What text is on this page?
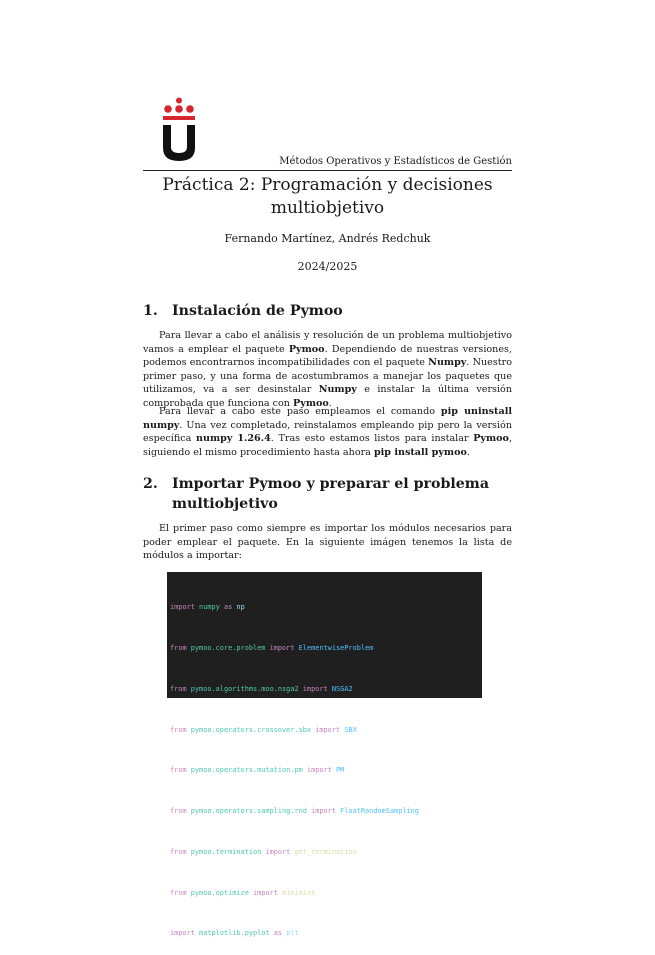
Métodos Operativos y Estadísticos de Gestión
Práctica 2: Programación y decisiones multiobjetivo
Fernando Martínez, Andrés Redchuk
2024/2025
1. Instalación de Pymoo

Para llevar a cabo el análisis y resolución de un problema multiobjetivo vamos a emplear el paquete Pymoo. Dependiendo de nuestras versiones, podemos encontrarnos incompatibilidades con el paquete Numpy. Nuestro primer paso, y una forma de acostumbramos a manejar los paquetes que utilizamos, va a ser desinstalar Numpy e instalar la última versión comprobada que funciona con Pymoo.

Para llevar a cabo este paso empleamos el comando pip uninstall numpy. Una vez completado, reinstalamos empleando pip pero la versión específica numpy 1.26.4. Tras esto estamos listos para instalar Pymoo, siguiendo el mismo procedimiento hasta ahora pip install pymoo.

2. Importar Pymoo y preparar el problema multiobjetivo

El primer paso como siempre es importar los módulos necesarios para poder emplear el paquete. En la siguiente imágen tenemos la lista de módulos a importar:

import numpy as np

from pymoo.core.problem import ElementwiseProblem

from pymoo.algorithms.moo.nsga2 import NSGA2

from pymoo.operators.crossover.sbx import SBX

from pymoo.operators.mutation.pm import PM

from pymoo.operators.sampling.rnd import FloatRandomSampling

from pymoo.termination import get_termination

from pymoo.optimize import minimize

import matplotlib.pyplot as plt
